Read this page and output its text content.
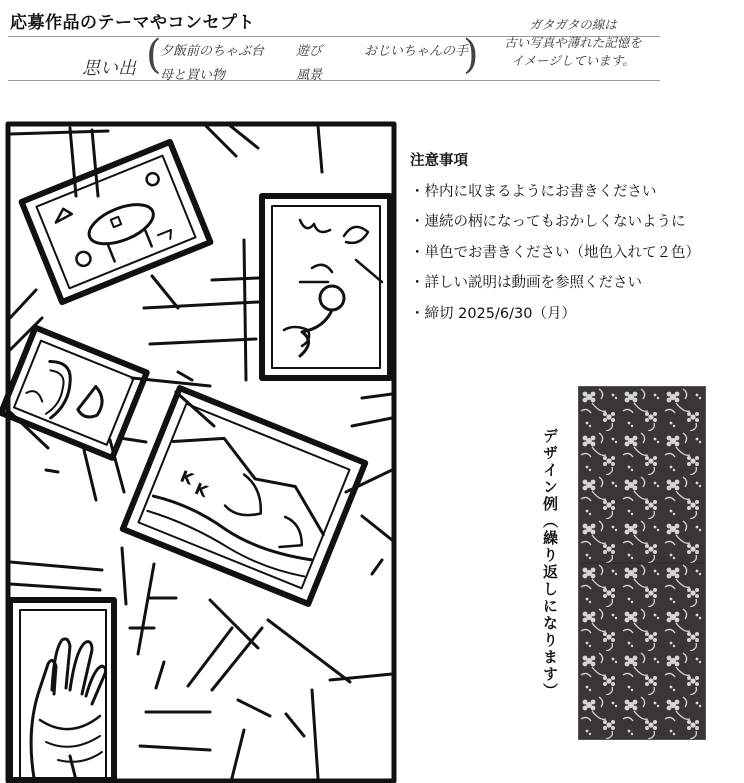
応募作品のテーマやコンセプト
思い出 (	)
夕飯前のちゃぶ台
母と買い物
遊び
風景
おじいちゃんの手
ガタガタの線は
古い写真や薄れた記憶を
イメージしています。
K
K
注意事項
・枠内に収まるようにお書きください
・連続の柄になってもおかしくないように
・単色でお書きください（地色入れて２色）
・詳しい説明は動画を参照ください
・締切 2025/6/30（月）
デザイン例（繰り返しになります）
